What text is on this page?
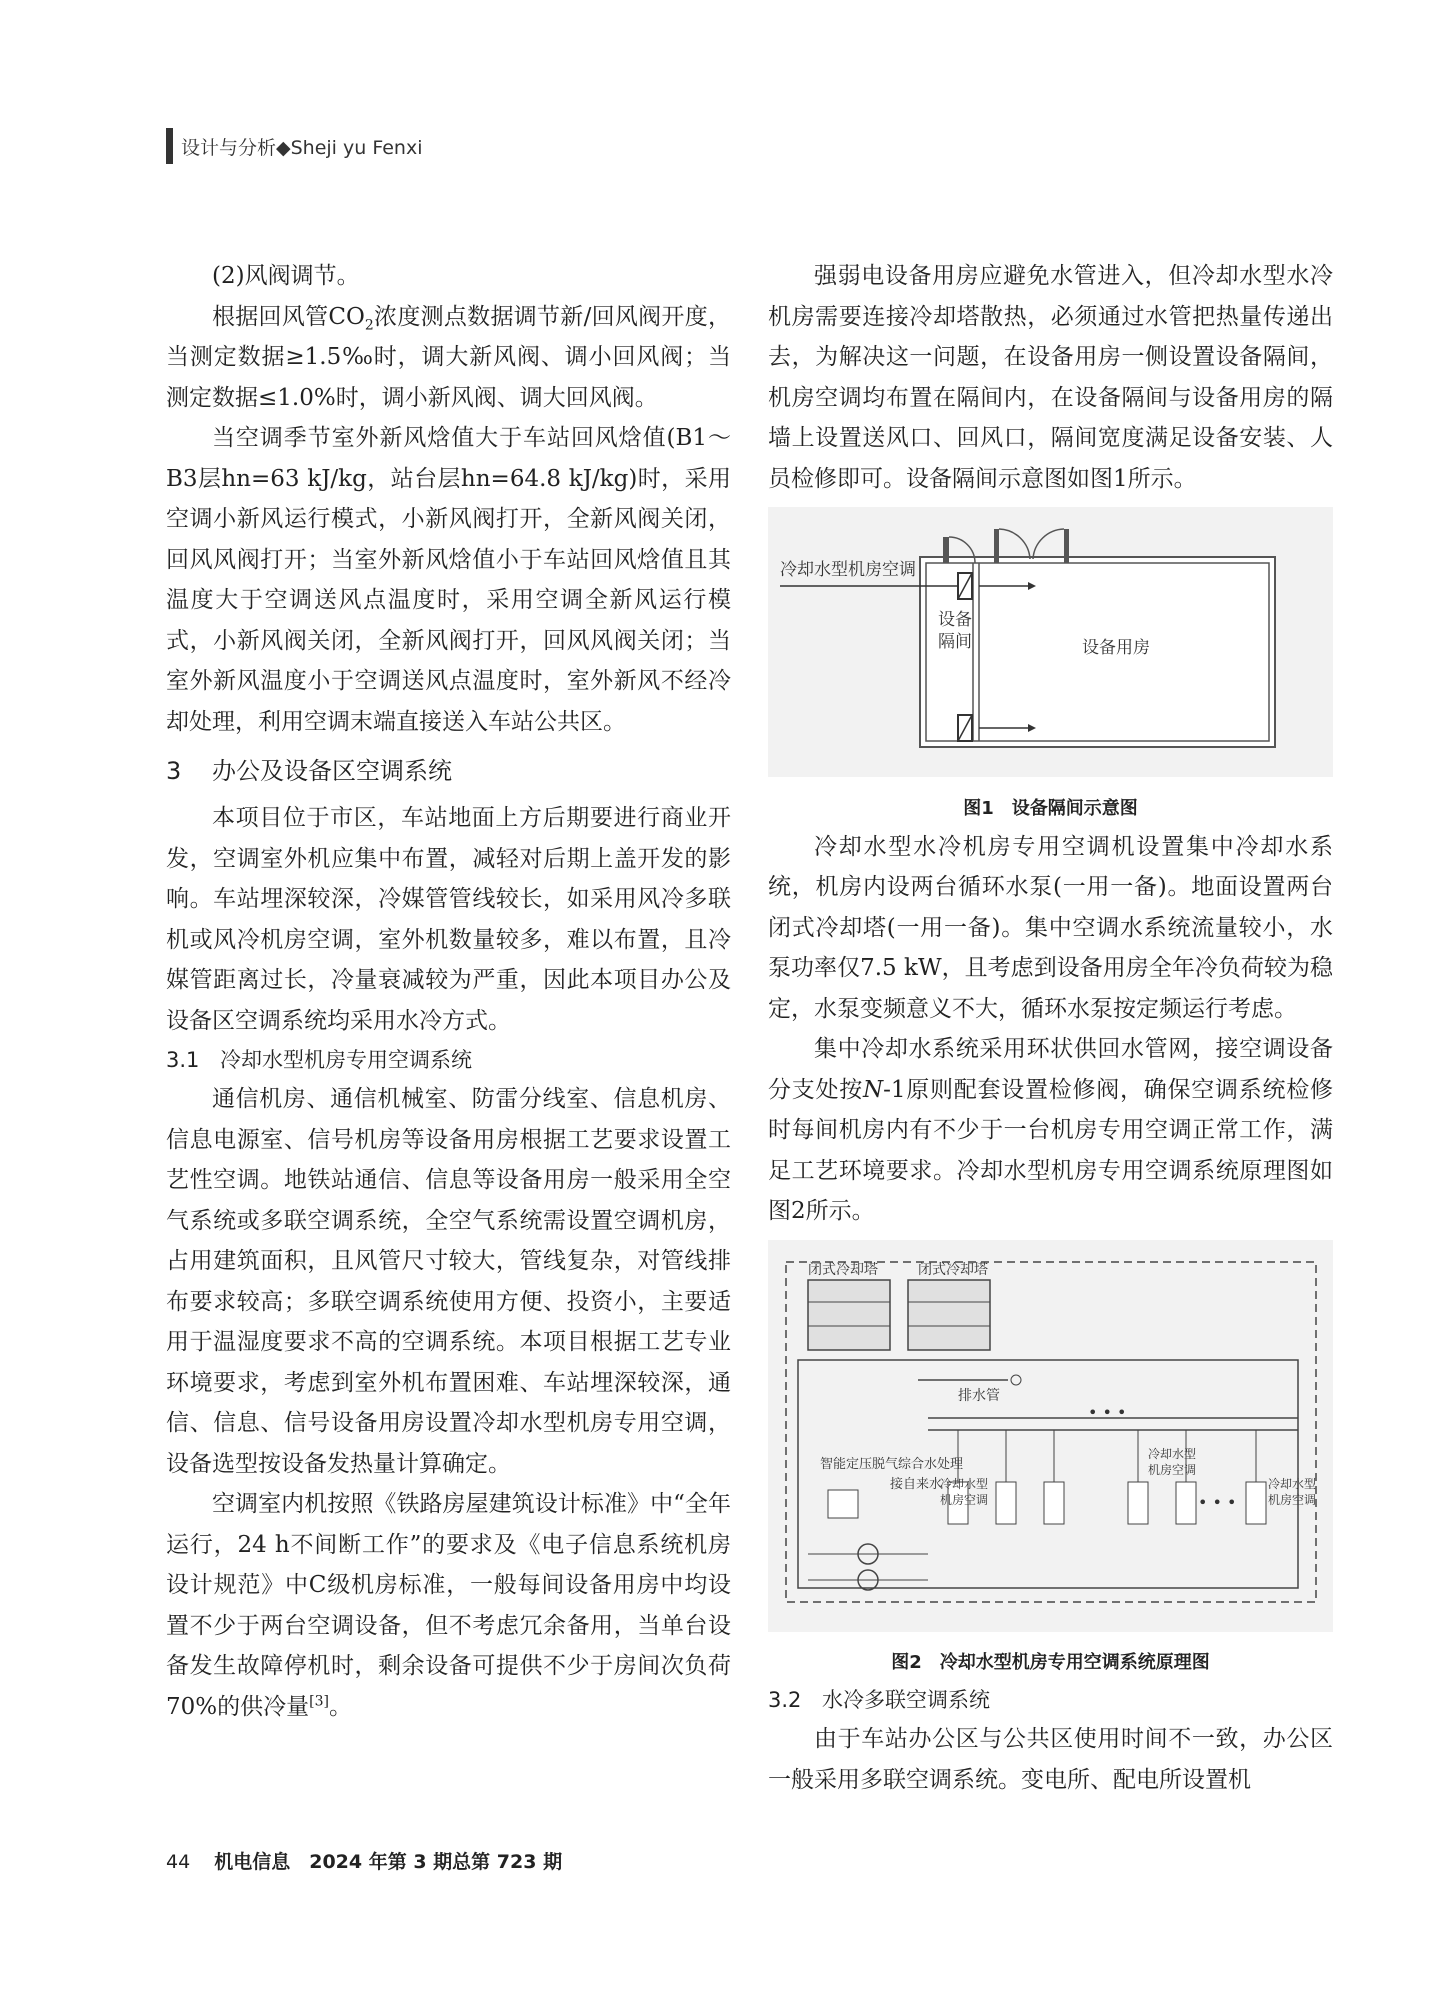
设计与分析◆Sheji yu Fenxi

(2)风阀调节。

根据回风管$CO_2$浓度测点数据调节新/回风阀开度，当测定数据≥1.5‰时，调大新风阀、调小回风阀；当测定数据≤1.0%时，调小新风阀、调大回风阀。

当空调季节室外新风焓值大于车站回风焓值(B1～B3层hn=63 kJ/kg，站台层hn=64.8 kJ/kg)时，采用空调小新风运行模式，小新风阀打开，全新风阀关闭，回风风阀打开；当室外新风焓值小于车站回风焓值且其温度大于空调送风点温度时，采用空调全新风运行模式，小新风阀关闭，全新风阀打开，回风风阀关闭；当室外新风温度小于空调送风点温度时，室外新风不经冷却处理，利用空调末端直接送入车站公共区。

3 办公及设备区空调系统

本项目位于市区，车站地面上方后期要进行商业开发，空调室外机应集中布置，减轻对后期上盖开发的影响。车站埋深较深，冷媒管管线较长，如采用风冷多联机或风冷机房空调，室外机数量较多，难以布置，且冷媒管距离过长，冷量衰减较为严重，因此本项目办公及设备区空调系统均采用水冷方式。

3.1 冷却水型机房专用空调系统

通信机房、通信机械室、防雷分线室、信息机房、信息电源室、信号机房等设备用房根据工艺要求设置工艺性空调。地铁站通信、信息等设备用房一般采用全空气系统或多联空调系统，全空气系统需设置空调机房，占用建筑面积，且风管尺寸较大，管线复杂，对管线排布要求较高；多联空调系统使用方便、投资小，主要适用于温湿度要求不高的空调系统。本项目根据工艺专业环境要求，考虑到室外机布置困难、车站埋深较深，通信、信息、信号设备用房设置冷却水型机房专用空调，设备选型按设备发热量计算确定。

空调室内机按照《铁路房屋建筑设计标准》中“全年运行，24 h不间断工作”的要求及《电子信息系统机房设计规范》中C级机房标准，一般每间设备用房中均设置不少于两台空调设备，但不考虑冗余备用，当单台设备发生故障停机时，剩余设备可提供不少于房间次负荷70%的供冷量[3]。

强弱电设备用房应避免水管进入，但冷却水型水冷机房需要连接冷却塔散热，必须通过水管把热量传递出去，为解决这一问题，在设备用房一侧设置设备隔间，机房空调均布置在隔间内，在设备隔间与设备用房的隔墙上设置送风口、回风口，隔间宽度满足设备安装、人员检修即可。设备隔间示意图如图1所示。

冷却水型机房空调
设备
隔间	设备用房
图1　设备隔间示意图

冷却水型水冷机房专用空调机设置集中冷却水系统，机房内设两台循环水泵(一用一备)。地面设置两台闭式冷却塔(一用一备)。集中空调水系统流量较小，水泵功率仅7.5 kW，且考虑到设备用房全年冷负荷较为稳定，水泵变频意义不大，循环水泵按定频运行考虑。

集中冷却水系统采用环状供回水管网，接空调设备分支处按N-1原则配套设置检修阀，确保空调系统检修时每间机房内有不少于一台机房专用空调正常工作，满足工艺环境要求。冷却水型机房专用空调系统原理图如图2所示。

闭式冷却塔	闭式冷却塔
排水管
• • •
• • •
智能定压脱气综合水处理
接自来水
冷却水型
机房空调
冷却水型
机房空调
冷却水型
机房空调
图2　冷却水型机房专用空调系统原理图
3.2 水冷多联空调系统

由于车站办公区与公共区使用时间不一致，办公区一般采用多联空调系统。变电所、配电所设置机

44 机电信息　2024 年第 3 期总第 723 期
